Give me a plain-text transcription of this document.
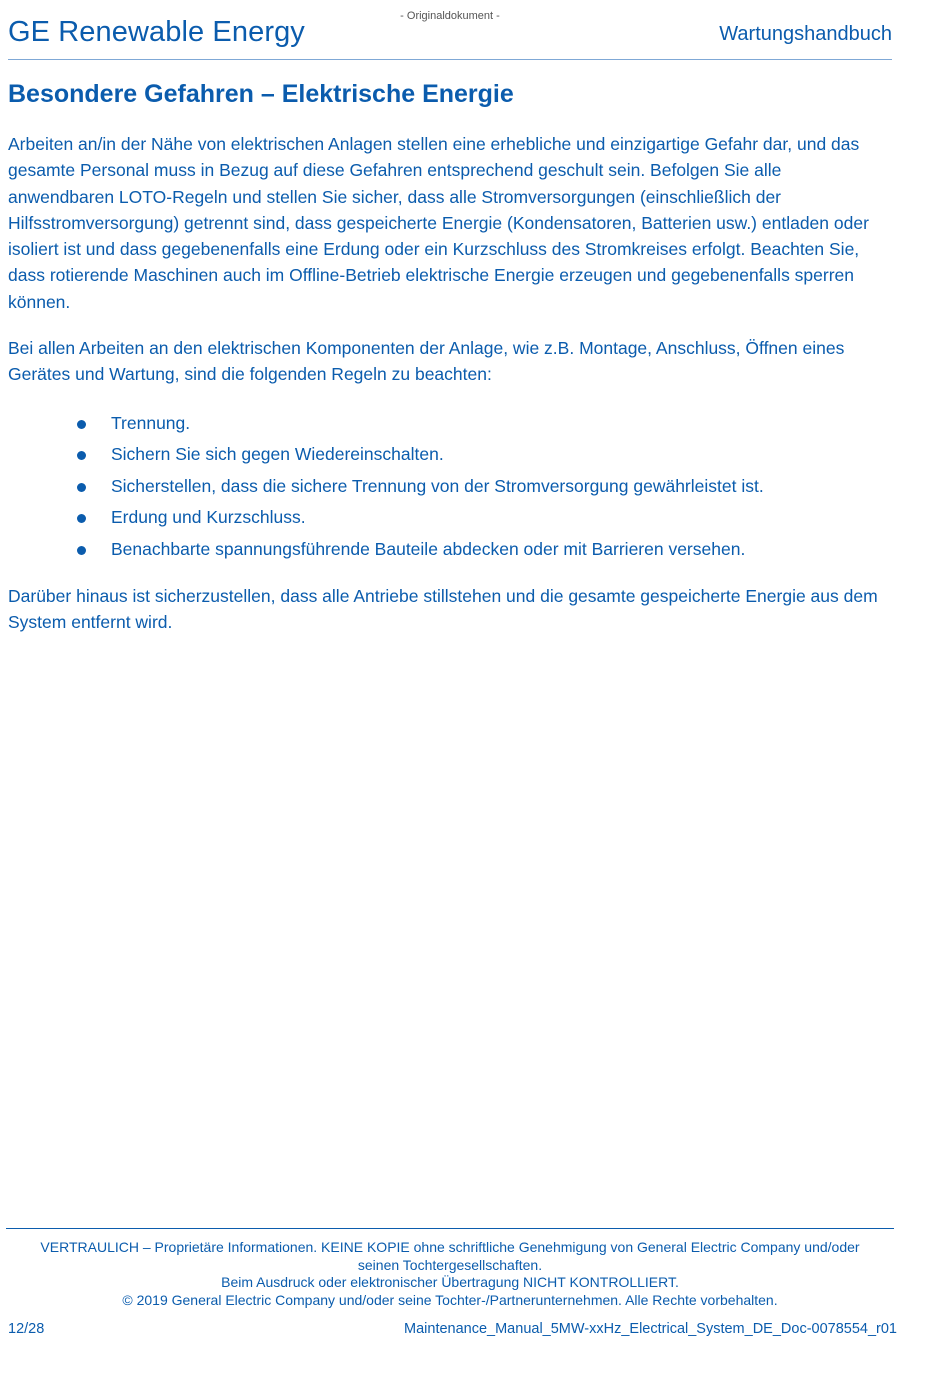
- Originaldokument -
GE Renewable Energy	Wartungshandbuch
Besondere Gefahren – Elektrische Energie

Arbeiten an/in der Nähe von elektrischen Anlagen stellen eine erhebliche und einzigartige Gefahr dar, und das gesamte Personal muss in Bezug auf diese Gefahren entsprechend geschult sein. Befolgen Sie alle anwendbaren LOTO-Regeln und stellen Sie sicher, dass alle Stromversorgungen (einschließlich der Hilfsstromversorgung) getrennt sind, dass gespeicherte Energie (Kondensatoren, Batterien usw.) entladen oder isoliert ist und dass gegebenenfalls eine Erdung oder ein Kurzschluss des Stromkreises erfolgt. Beachten Sie, dass rotierende Maschinen auch im Offline-Betrieb elektrische Energie erzeugen und gegebenenfalls sperren können.

Bei allen Arbeiten an den elektrischen Komponenten der Anlage, wie z.B. Montage, Anschluss, Öffnen eines Gerätes und Wartung, sind die folgenden Regeln zu beachten:

Trennung.
Sichern Sie sich gegen Wiedereinschalten.
Sicherstellen, dass die sichere Trennung von der Stromversorgung gewährleistet ist.
Erdung und Kurzschluss.
Benachbarte spannungsführende Bauteile abdecken oder mit Barrieren versehen.

Darüber hinaus ist sicherzustellen, dass alle Antriebe stillstehen und die gesamte gespeicherte Energie aus dem System entfernt wird.

VERTRAULICH – Proprietäre Informationen. KEINE KOPIE ohne schriftliche Genehmigung von General Electric Company und/oder
seinen Tochtergesellschaften.
Beim Ausdruck oder elektronischer Übertragung NICHT KONTROLLIERT.
© 2019 General Electric Company und/oder seine Tochter-/Partnerunternehmen. Alle Rechte vorbehalten.
12/28	Maintenance_Manual_5MW-xxHz_Electrical_System_DE_Doc-0078554_r01
